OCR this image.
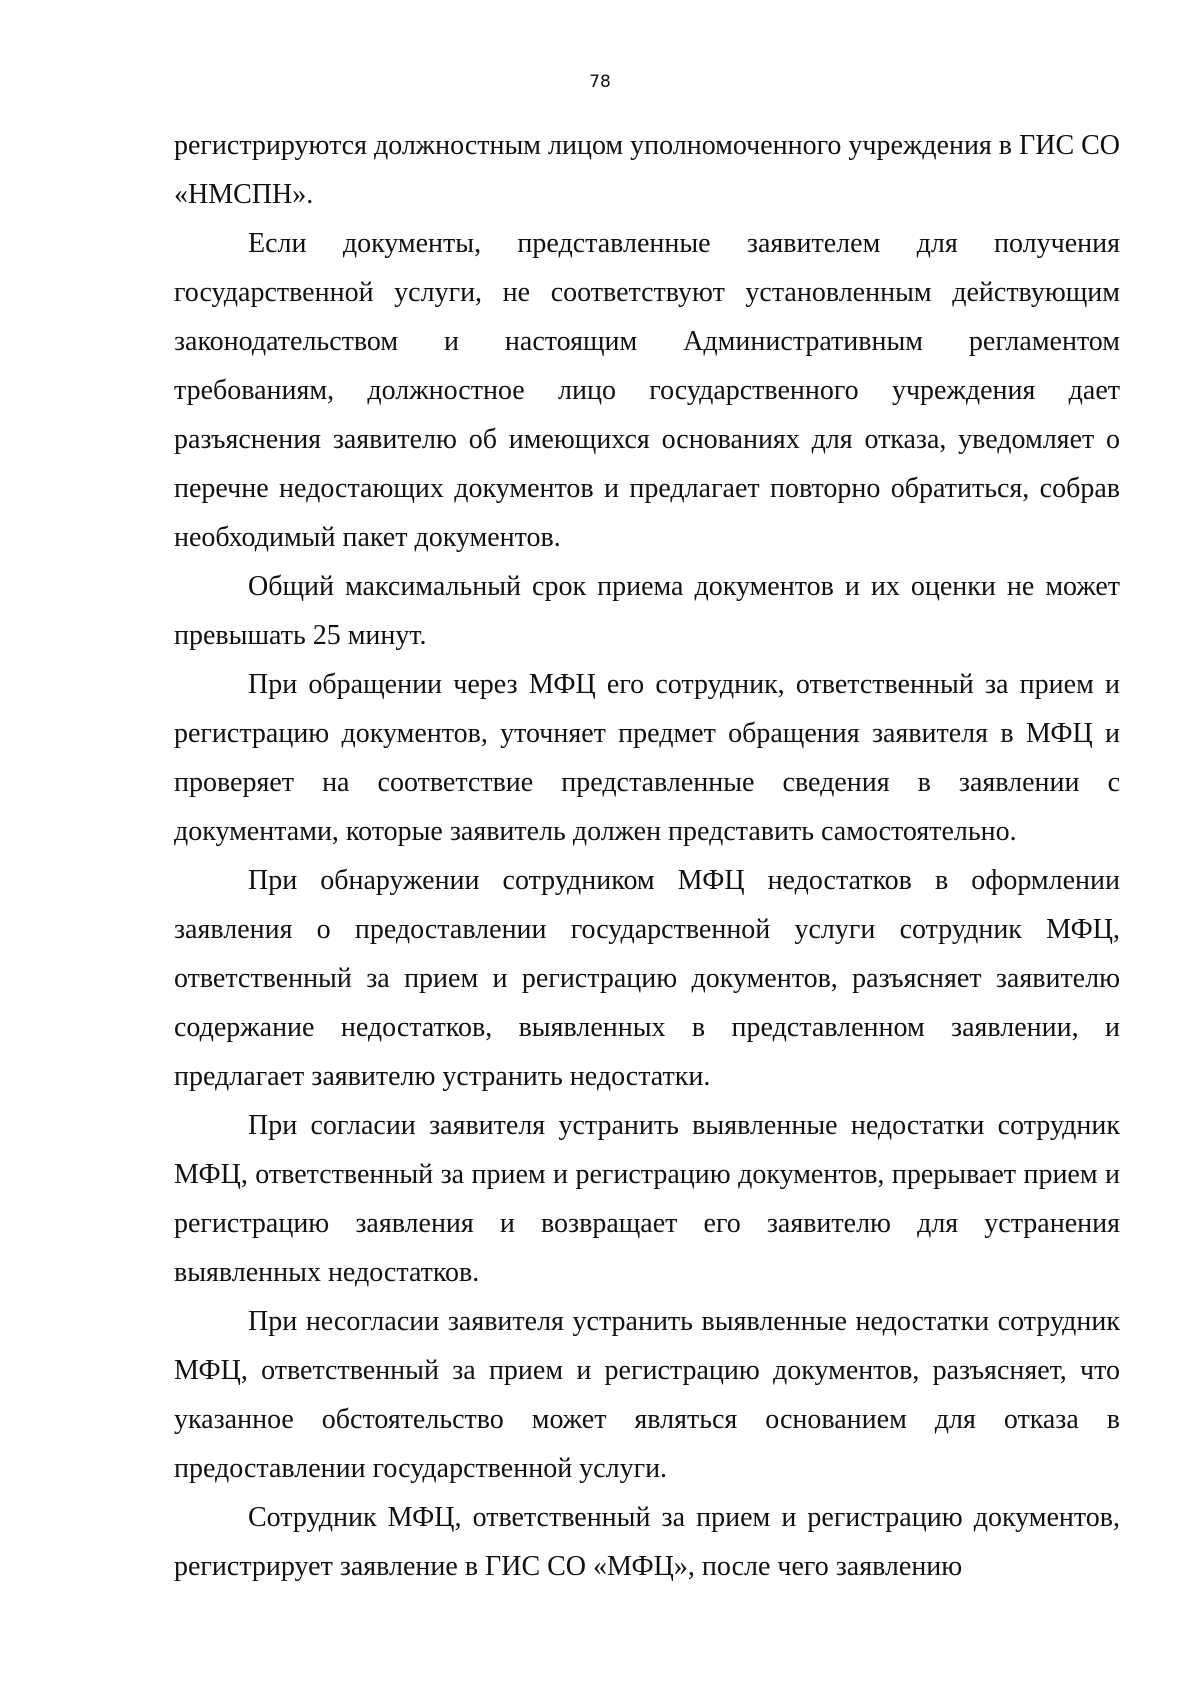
78

регистрируются должностным лицом уполномоченного учреждения в ГИС СО «НМСПН».

Если документы, представленные заявителем для получения государственной услуги, не соответствуют установленным действующим законодательством и настоящим Административным регламентом требованиям, должностное лицо государственного учреждения дает разъяснения заявителю об имеющихся основаниях для отказа, уведомляет о перечне недостающих документов и предлагает повторно обратиться, собрав необходимый пакет документов.

Общий максимальный срок приема документов и их оценки не может превышать 25 минут.

При обращении через МФЦ его сотрудник, ответственный за прием и регистрацию документов, уточняет предмет обращения заявителя в МФЦ и проверяет на соответствие представленные сведения в заявлении с документами, которые заявитель должен представить самостоятельно.

При обнаружении сотрудником МФЦ недостатков в оформлении заявления о предоставлении государственной услуги сотрудник МФЦ, ответственный за прием и регистрацию документов, разъясняет заявителю содержание недостатков, выявленных в представленном заявлении, и предлагает заявителю устранить недостатки.

При согласии заявителя устранить выявленные недостатки сотрудник МФЦ, ответственный за прием и регистрацию документов, прерывает прием и регистрацию заявления и возвращает его заявителю для устранения выявленных недостатков.

При несогласии заявителя устранить выявленные недостатки сотрудник МФЦ, ответственный за прием и регистрацию документов, разъясняет, что указанное обстоятельство может являться основанием для отказа в предоставлении государственной услуги.

Сотрудник МФЦ, ответственный за прием и регистрацию документов, регистрирует заявление в ГИС СО «МФЦ», после чего заявлению
